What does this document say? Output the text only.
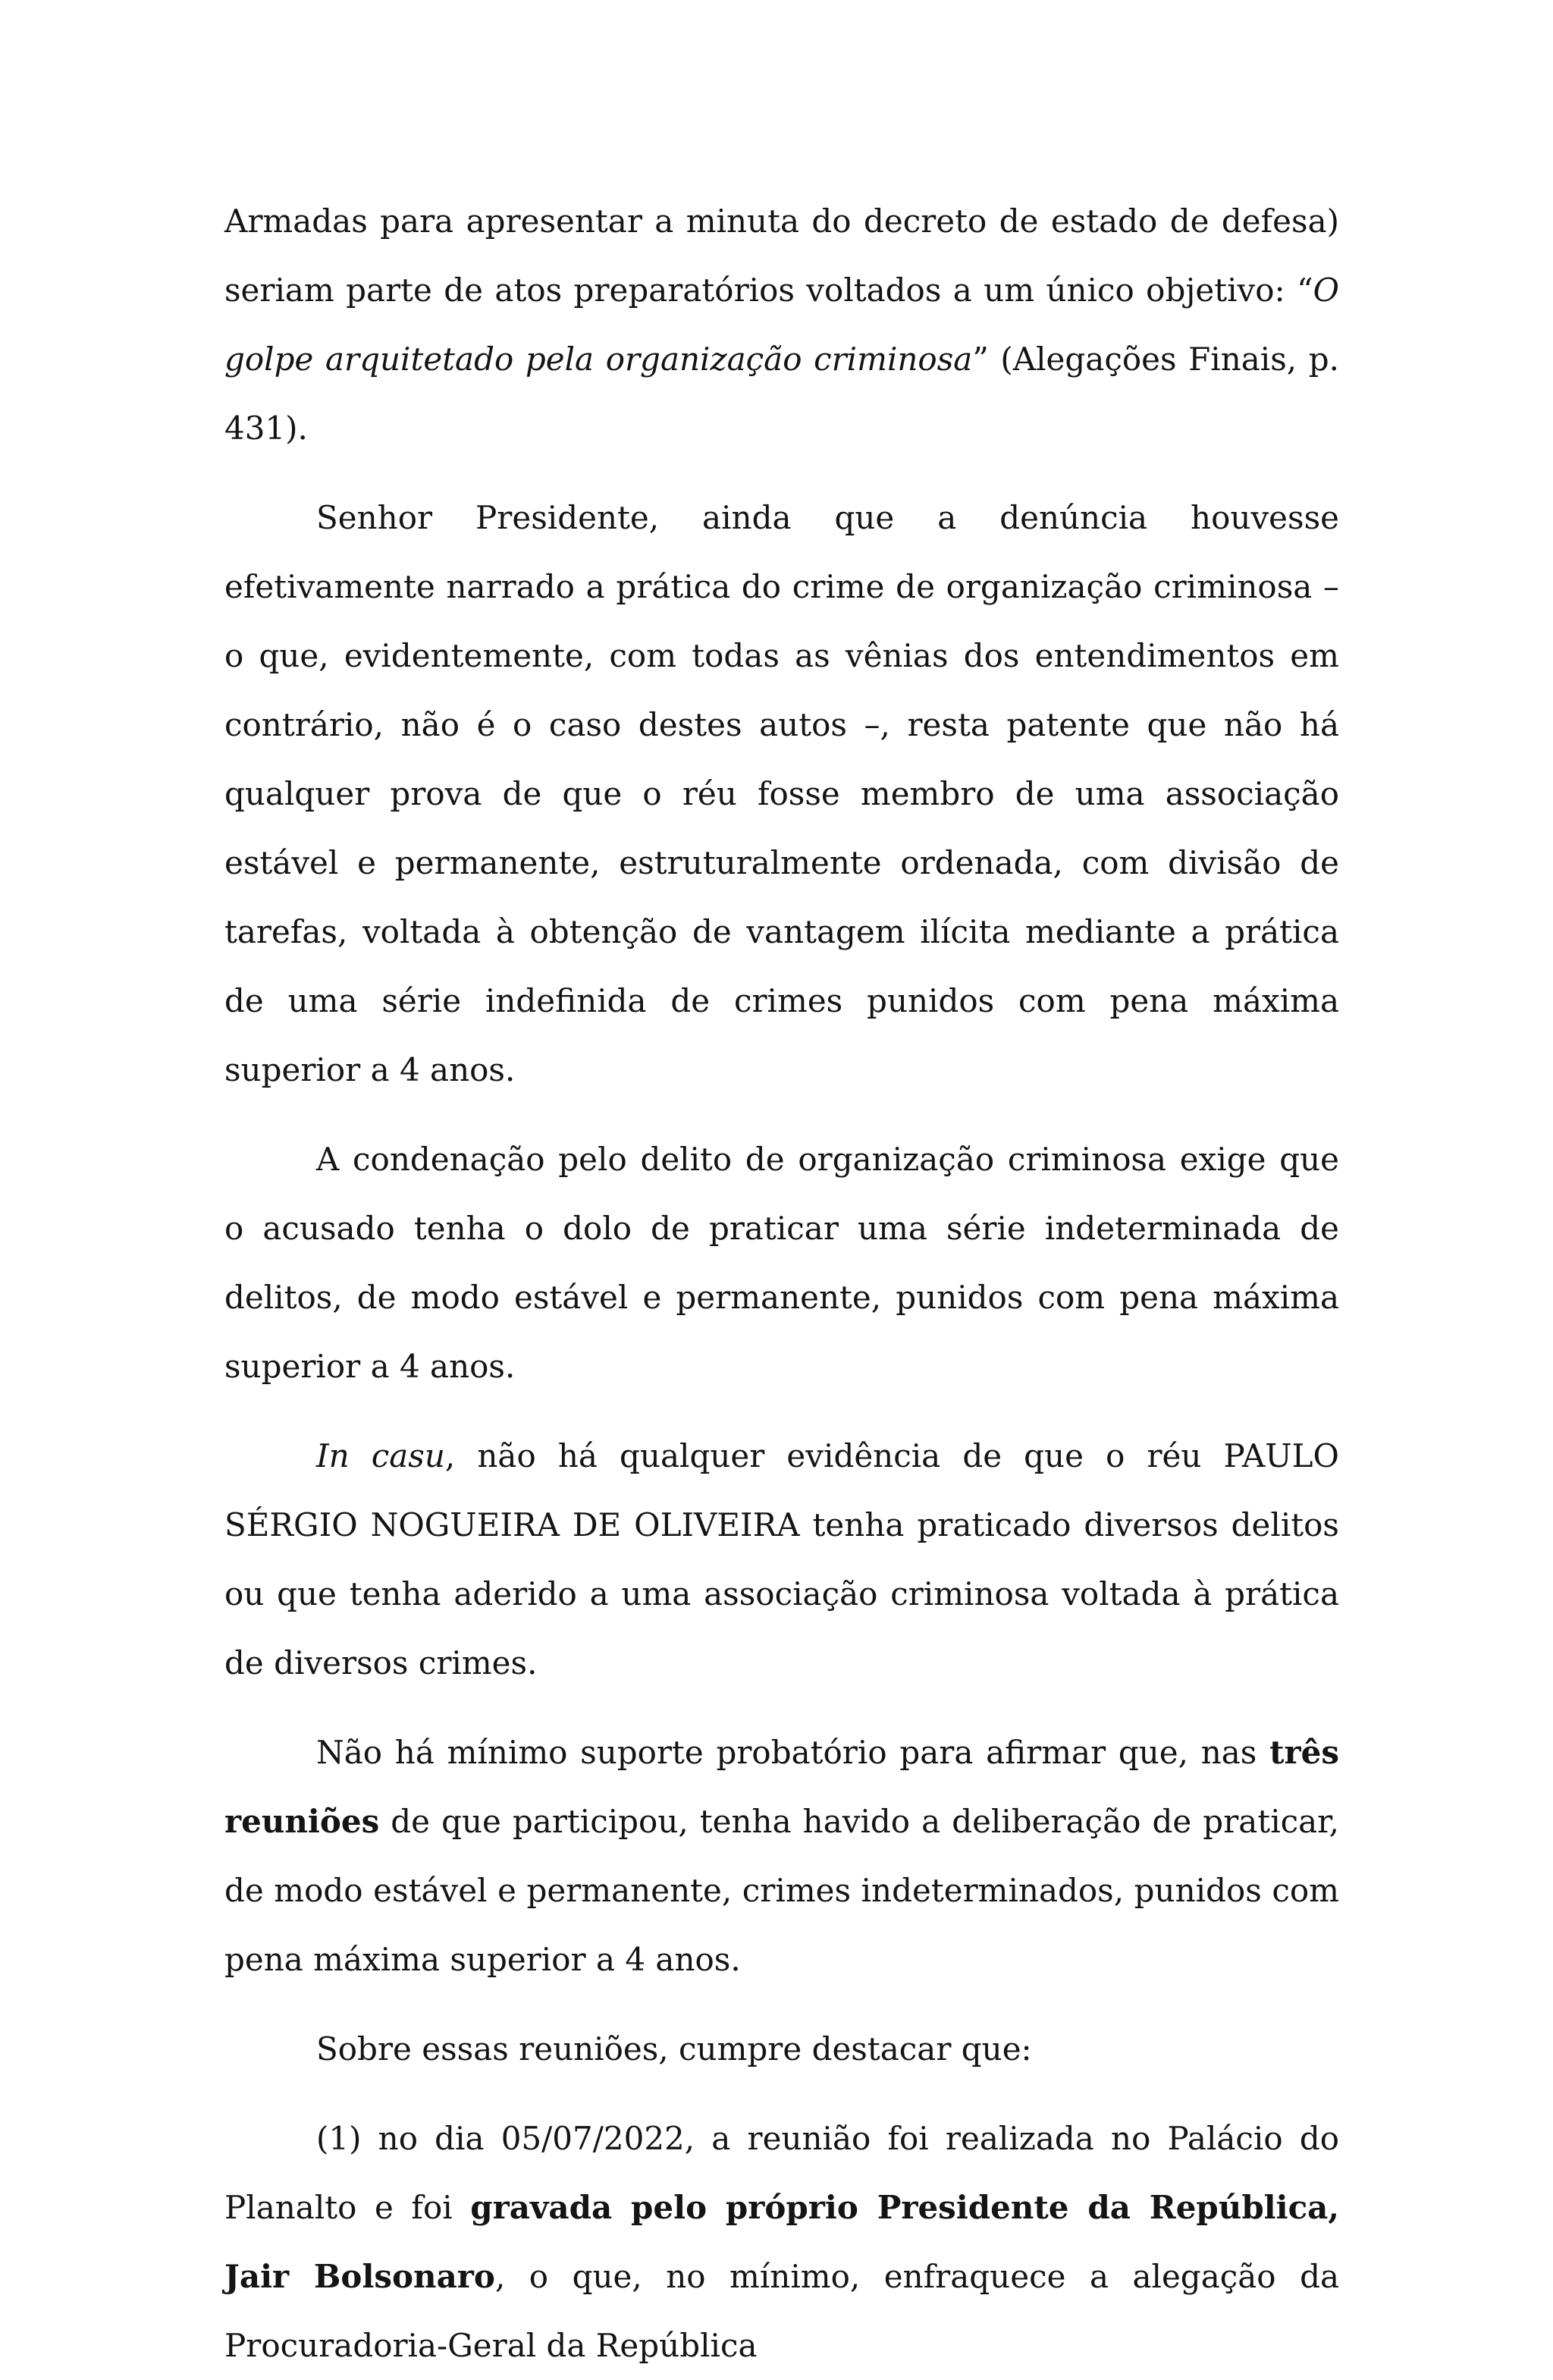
Armadas para apresentar a minuta do decreto de estado de defesa) seriam parte de atos preparatórios voltados a um único objetivo: “O golpe arquitetado pela organização criminosa” (Alegações Finais, p. 431).

Senhor Presidente, ainda que a denúncia houvesse efetivamente narrado a prática do crime de organização criminosa – o que, evidentemente, com todas as vênias dos entendimentos em contrário, não é o caso destes autos –, resta patente que não há qualquer prova de que o réu fosse membro de uma associação estável e permanente, estruturalmente ordenada, com divisão de tarefas, voltada à obtenção de vantagem ilícita mediante a prática de uma série indefinida de crimes punidos com pena máxima superior a 4 anos.

A condenação pelo delito de organização criminosa exige que o acusado tenha o dolo de praticar uma série indeterminada de delitos, de modo estável e permanente, punidos com pena máxima superior a 4 anos.

In casu, não há qualquer evidência de que o réu PAULO SÉRGIO NOGUEIRA DE OLIVEIRA tenha praticado diversos delitos ou que tenha aderido a uma associação criminosa voltada à prática de diversos crimes.

Não há mínimo suporte probatório para afirmar que, nas três reuniões de que participou, tenha havido a deliberação de praticar, de modo estável e permanente, crimes indeterminados, punidos com pena máxima superior a 4 anos.

Sobre essas reuniões, cumpre destacar que:

(1) no dia 05/07/2022, a reunião foi realizada no Palácio do Planalto e foi gravada pelo próprio Presidente da República, Jair Bolsonaro, o que, no mínimo, enfraquece a alegação da Procuradoria-Geral da República
